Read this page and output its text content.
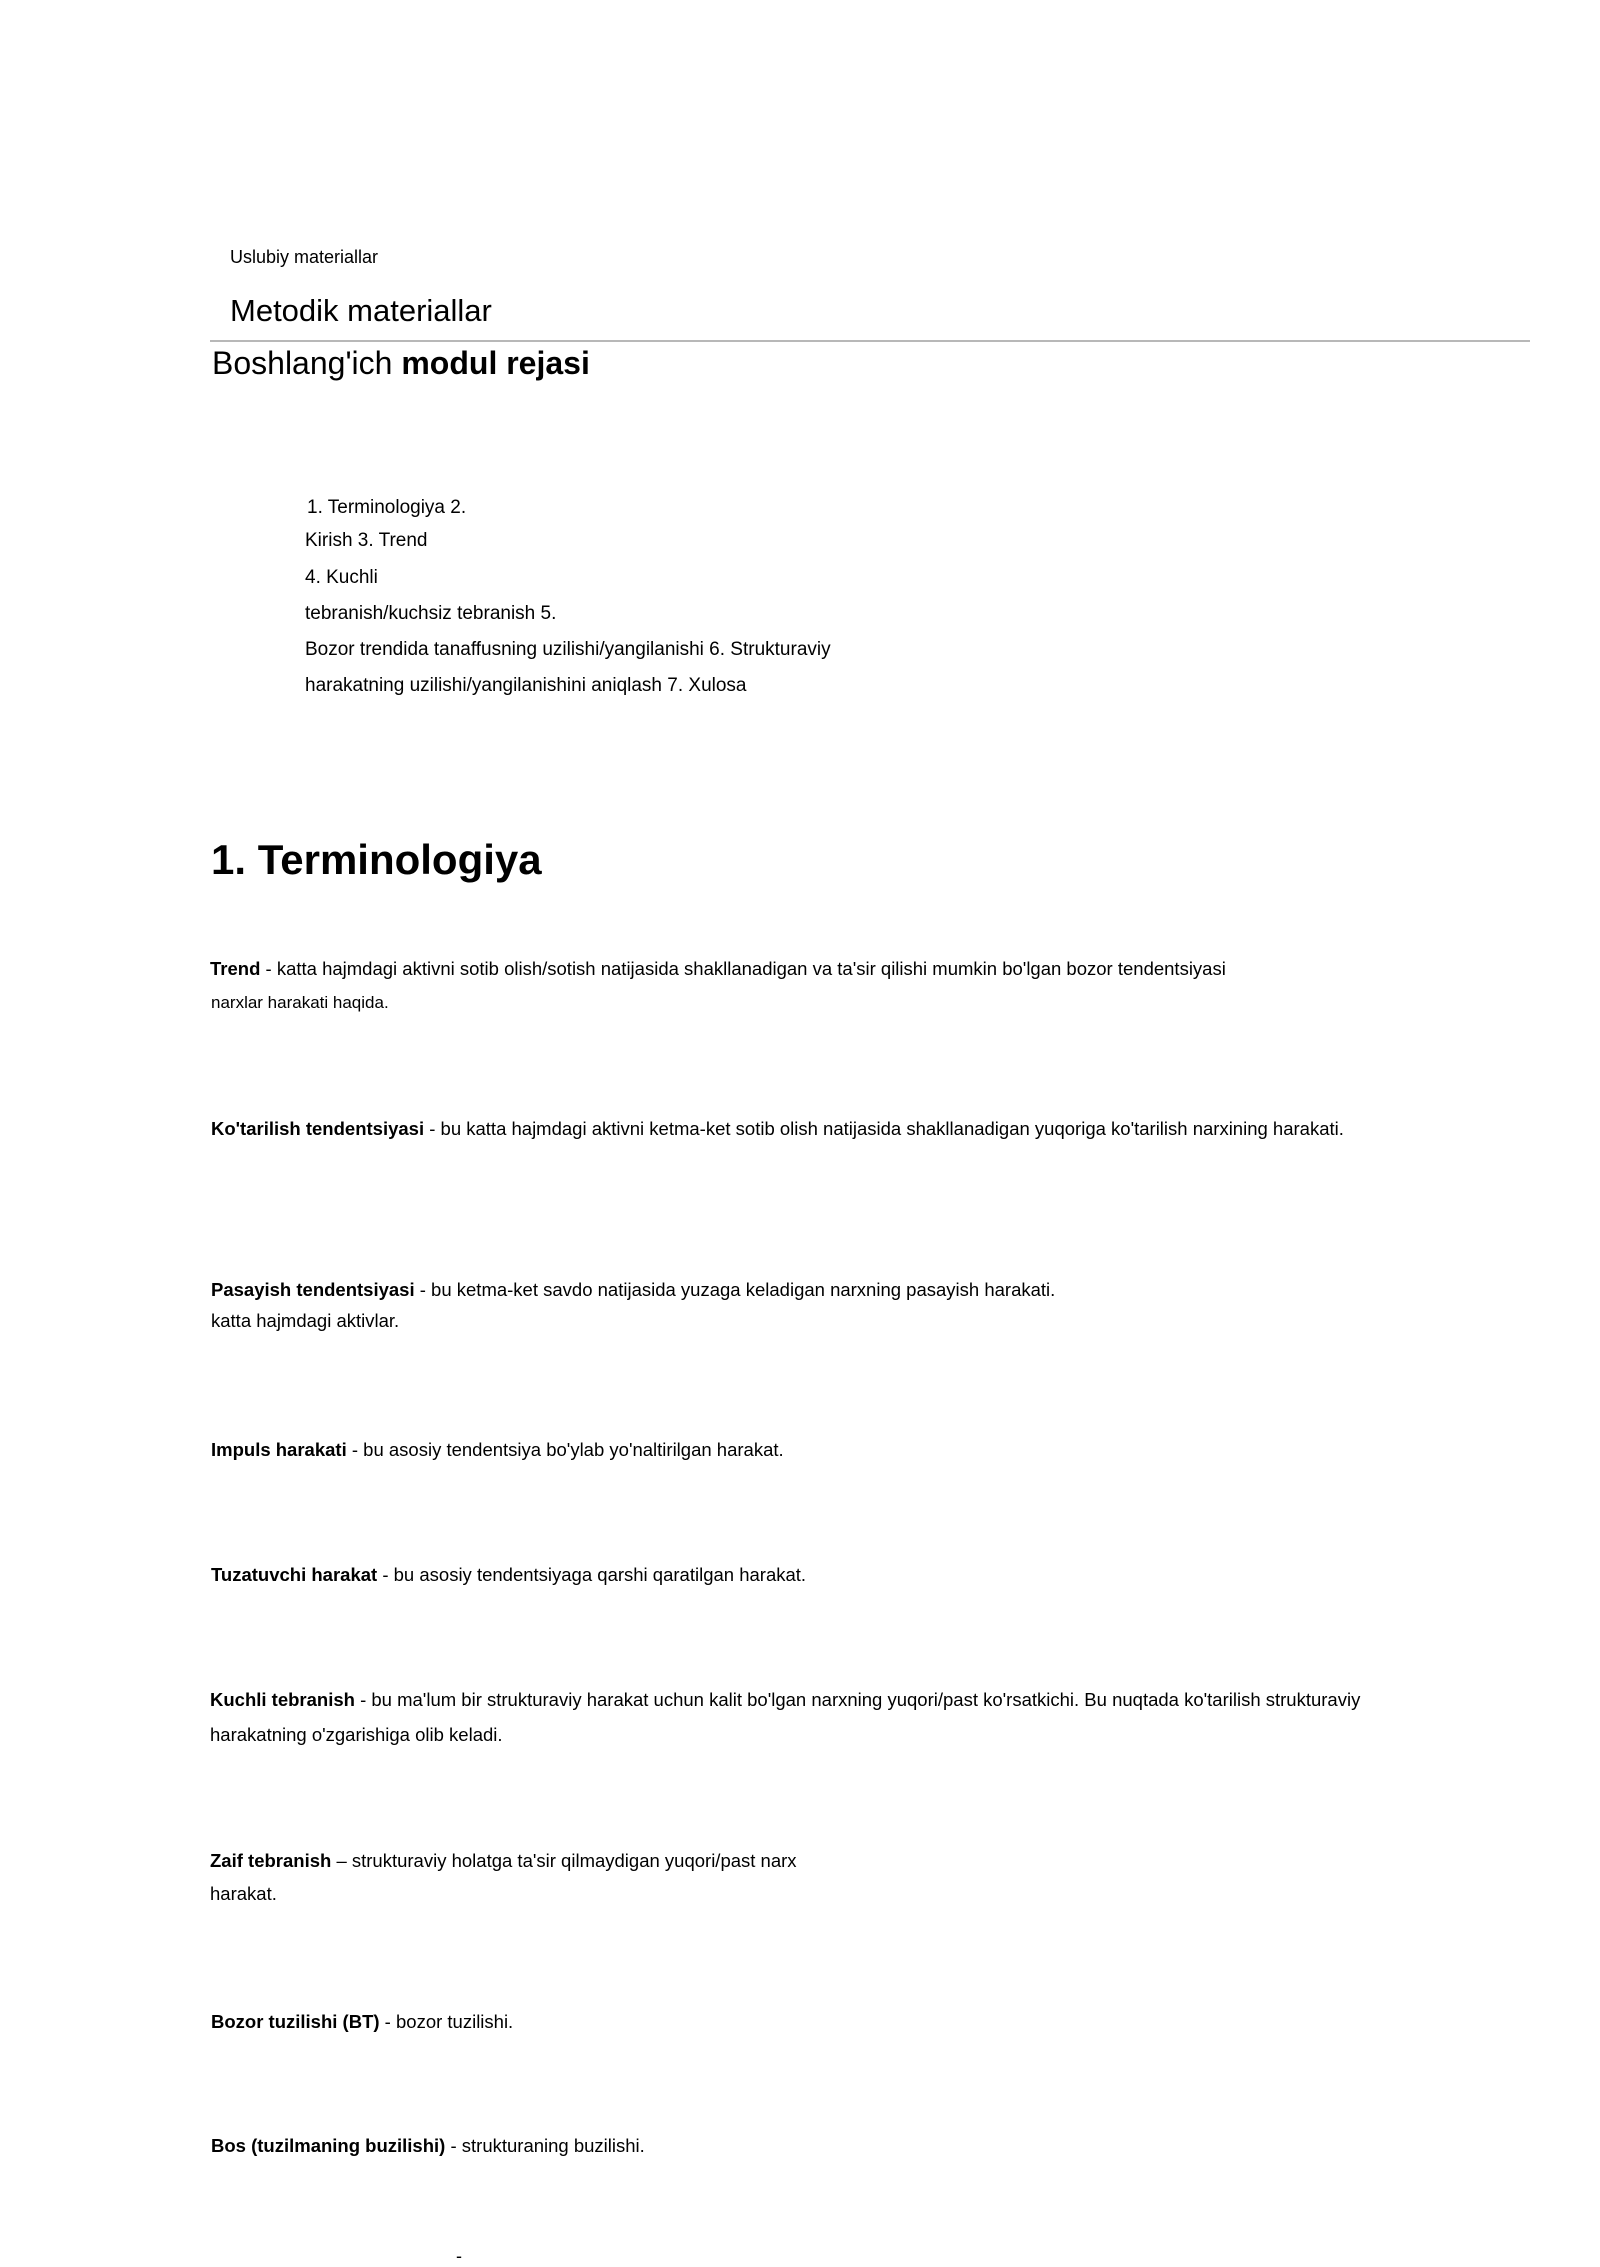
Uslubiy materiallar
Metodik materiallar
Boshlang'ich modul rejasi
1. Terminologiya 2.
Kirish 3. Trend
4. Kuchli
tebranish/kuchsiz tebranish 5.
Bozor trendida tanaffusning uzilishi/yangilanishi 6. Strukturaviy
harakatning uzilishi/yangilanishini aniqlash 7. Xulosa
1. Terminologiya
Trend - katta hajmdagi aktivni sotib olish/sotish natijasida shakllanadigan va ta'sir qilishi mumkin bo'lgan bozor tendentsiyasi
narxlar harakati haqida.
Ko'tarilish tendentsiyasi - bu katta hajmdagi aktivni ketma-ket sotib olish natijasida shakllanadigan yuqoriga ko'tarilish narxining harakati.
Pasayish tendentsiyasi - bu ketma-ket savdo natijasida yuzaga keladigan narxning pasayish harakati.
katta hajmdagi aktivlar.
Impuls harakati - bu asosiy tendentsiya bo'ylab yo'naltirilgan harakat.
Tuzatuvchi harakat - bu asosiy tendentsiyaga qarshi qaratilgan harakat.
Kuchli tebranish - bu ma'lum bir strukturaviy harakat uchun kalit bo'lgan narxning yuqori/past ko'rsatkichi. Bu nuqtada ko'tarilish strukturaviy
harakatning o'zgarishiga olib keladi.
Zaif tebranish – strukturaviy holatga ta'sir qilmaydigan yuqori/past narx
harakat.
Bozor tuzilishi (BT) - bozor tuzilishi.
Bos (tuzilmaning buzilishi) - strukturaning buzilishi.
-
